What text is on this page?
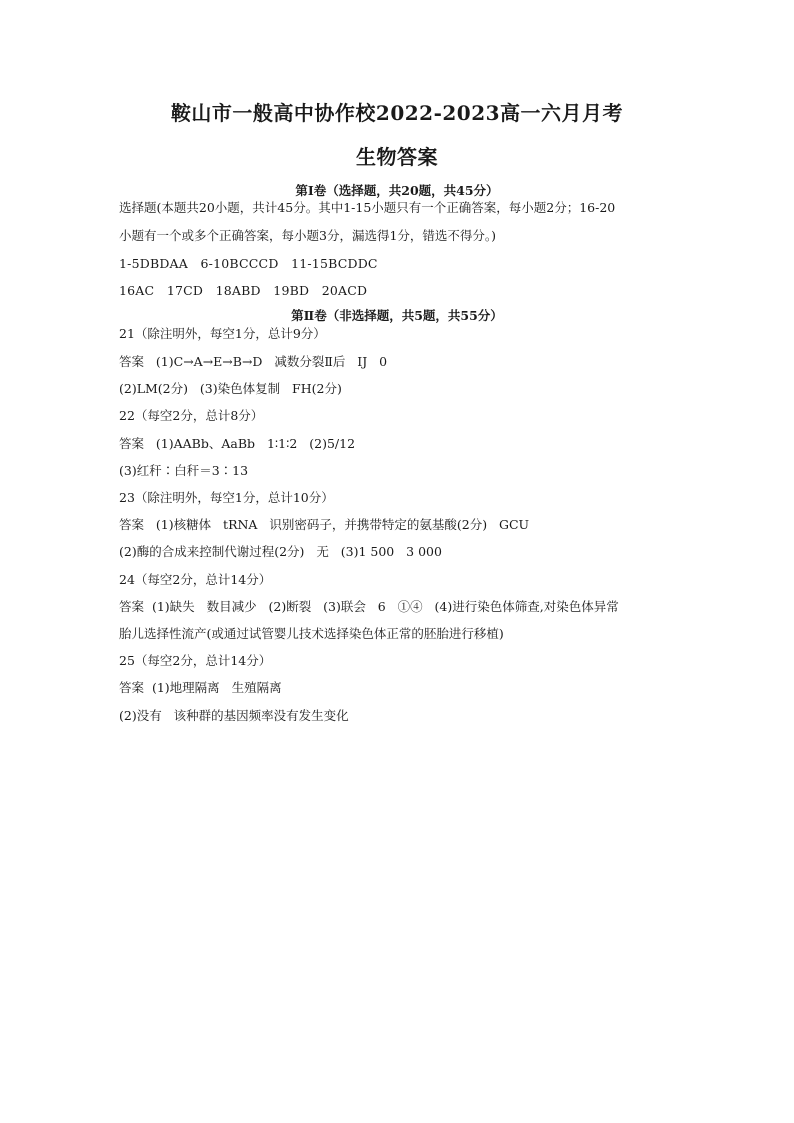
鞍山市一般高中协作校2022-2023高一六月月考
生物答案
第Ⅰ卷（选择题，共20题，共45分）
选择题(本题共20小题，共计45分。其中1-15小题只有一个正确答案，每小题2分；16-20
小题有一个或多个正确答案，每小题3分，漏选得1分，错选不得分。)
1-5DBDAA   6-10BCCCD   11-15BCDDC
16AC   17CD   18ABD   19BD   20ACD
第Ⅱ卷（非选择题，共5题，共55分）
21（除注明外，每空1分，总计9分）
答案   (1)C→A→E→B→D   减数分裂Ⅱ后   IJ   0
(2)LM(2分)   (3)染色体复制   FH(2分)
22（每空2分，总计8分）
答案   (1)AABb、AaBb   1∶1∶2   (2)5/12
(3)红秆∶白秆＝3∶13
23（除注明外，每空1分，总计10分）
答案   (1)核糖体   tRNA   识别密码子，并携带特定的氨基酸(2分)   GCU
(2)酶的合成来控制代谢过程(2分)   无   (3)1 500   3 000
24（每空2分，总计14分）
答案  (1)缺失   数目减少   (2)断裂   (3)联会   6   ①④   (4)进行染色体筛查,对染色体异常
胎儿选择性流产(或通过试管婴儿技术选择染色体正常的胚胎进行移植)
25（每空2分，总计14分）
答案  (1)地理隔离   生殖隔离
(2)没有   该种群的基因频率没有发生变化
